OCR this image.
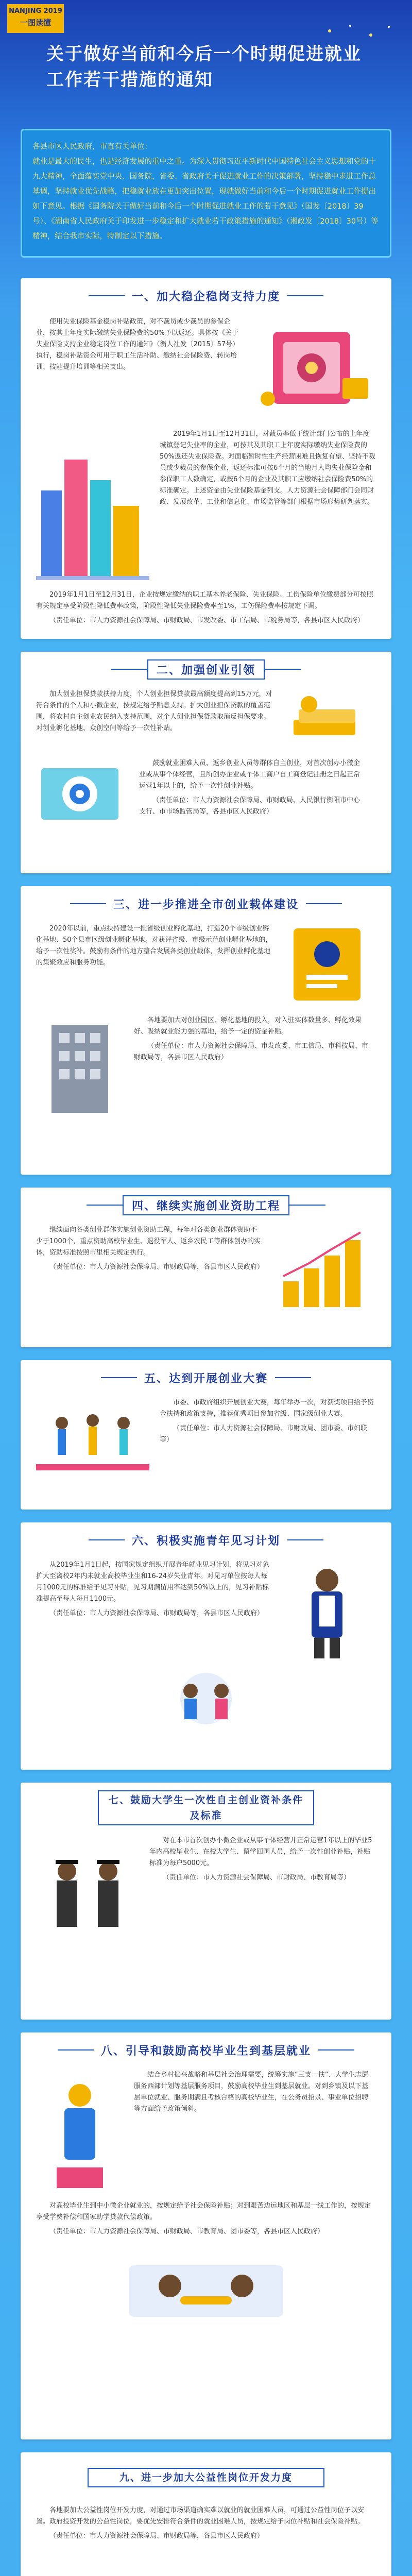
NANJING 2019
一图读懂
关于做好当前和今后一个时期促进就业工作若干措施的通知
各县市区人民政府，市直有关单位：
就业是最大的民生，也是经济发展的重中之重。为深入贯彻习近平新时代中国特色社会主义思想和党的十九大精神，全面落实党中央、国务院，省委、省政府关于促进就业工作的决策部署，坚持稳中求进工作总基调，坚持就业优先战略，把稳就业放在更加突出位置，现就做好当前和今后一个时期促进就业工作提出如下意见。根据《国务院关于做好当前和今后一个时期促进就业工作的若干意见》（国发〔2018〕39号）、《湖南省人民政府关于印发进一步稳定和扩大就业若干政策措施的通知》（湘政发〔2018〕30号）等精神，结合我市实际，特制定以下措施。
一、加大稳企稳岗支持力度

使用失业保险基金稳岗补贴政策，对不裁员或少裁员的参保企业，按其上年度实际缴纳失业保险费的50%予以返还。具体按《关于失业保险支持企业稳定岗位工作的通知》（衡人社发〔2015〕57号）执行，稳岗补贴资金可用于职工生活补助、缴纳社会保险费、转岗培训、技能提升培训等相关支出。

2019年1月1日至12月31日，对裁员率低于统计部门公布的上年度城镇登记失业率的企业，可按其及其职工上年度实际缴纳失业保险费的50%返还失业保险费。对面临暂时性生产经营困难且恢复有望、坚持不裁员或少裁员的参保企业，返还标准可按6个月的当地月人均失业保险金和参保职工人数确定，或按6个月的企业及其职工应缴纳社会保险费50%的标准确定。上述资金由失业保险基金列支。人力资源社会保障部门会同财政、发展改革、工业和信息化、市场监管等部门根据市场形势研判落实。

2019年1月1日至12月31日，企业按规定缴纳的职工基本养老保险、失业保险、工伤保险单位缴费部分可按照有关规定享受阶段性降低费率政策，阶段性降低失业保险费率至1%，工伤保险费率按规定下调。

（责任单位：市人力资源社会保障局、市财政局、市发改委、市工信局、市税务局等，各县市区人民政府）

二、加强创业引领

加大创业担保贷款扶持力度，个人创业担保贷款最高额度提高到15万元，对符合条件的个人和小微企业，按规定给予贴息支持。扩大创业担保贷款的覆盖范围，将农村自主创业农民纳入支持范围，对个人创业担保贷款取消反担保要求。对创业孵化基地、众创空间等给予一次性补贴。

鼓励就业困难人员、返乡创业人员等群体自主创业，对首次创办小微企业或从事个体经营，且所创办企业或个体工商户自工商登记注册之日起正常运营1年以上的，给予一次性创业补贴。

（责任单位：市人力资源社会保障局、市财政局、人民银行衡阳市中心支行、市市场监管局等，各县市区人民政府）

三、进一步推进全市创业载体建设

2020年以前，重点扶持建设一批省级创业孵化基地，打造20个市级创业孵化基地、50个县市区级创业孵化基地。对获评省级、市级示范创业孵化基地的，给予一次性奖补。鼓励有条件的地方整合发展各类创业载体，发挥创业孵化基地的集聚效应和服务功能。

各地要加大对创业园区、孵化基地的投入，对入驻实体数量多、孵化效果好、吸纳就业能力强的基地，给予一定的资金补贴。

（责任单位：市人力资源社会保障局、市发改委、市工信局、市科技局、市财政局等，各县市区人民政府）

四、继续实施创业资助工程

继续面向各类创业群体实施创业资助工程，每年对各类创业群体资助不少于1000个，重点资助高校毕业生、退役军人、返乡农民工等群体创办的实体，资助标准按照市里相关规定执行。

（责任单位：市人力资源社会保障局、市财政局等，各县市区人民政府）

五、达到开展创业大赛

市委、市政府组织开展创业大赛，每年举办一次，对获奖项目给予资金扶持和政策支持，推荐优秀项目参加省级、国家级创业大赛。

（责任单位：市人力资源社会保障局、市财政局、团市委、市妇联等）

六、积极实施青年见习计划

从2019年1月1日起，按国家规定组织开展青年就业见习计划，将见习对象扩大至离校2年内未就业高校毕业生和16-24岁失业青年。对见习单位按每人每月1000元的标准给予见习补贴，见习期满留用率达到50%以上的，见习补贴标准提高至每人每月1100元。

（责任单位：市人力资源社会保障局、市财政局等，各县市区人民政府）

七、鼓励大学生一次性自主创业资补条件及标准

对在本市首次创办小微企业或从事个体经营并正常运营1年以上的毕业5年内高校毕业生、在校大学生、留学回国人员，给予一次性创业补贴，补贴标准为每户5000元。

（责任单位：市人力资源社会保障局、市财政局、市教育局等）

八、引导和鼓励高校毕业生到基层就业

结合乡村振兴战略和基层社会治理需要，统筹实施“三支一扶”、大学生志愿服务西部计划等基层服务项目，鼓励高校毕业生到基层就业。对到乡镇及以下基层单位就业、服务期满且考核合格的高校毕业生，在公务员招录、事业单位招聘等方面给予政策倾斜。

对高校毕业生到中小微企业就业的，按规定给予社会保险补贴；对到艰苦边远地区和基层一线工作的，按规定享受学费补偿和国家助学贷款代偿政策。

（责任单位：市人力资源社会保障局、市财政局、市教育局、团市委等，各县市区人民政府）

九、进一步加大公益性岗位开发力度

各地要加大公益性岗位开发力度，对通过市场渠道确实难以就业的就业困难人员，可通过公益性岗位予以安置。政府投资开发的公益性岗位，要优先安排符合条件的就业困难人员，按规定给予岗位补贴和社会保险补贴。

（责任单位：市人力资源社会保障局、市财政局等，各县市区人民政府）
